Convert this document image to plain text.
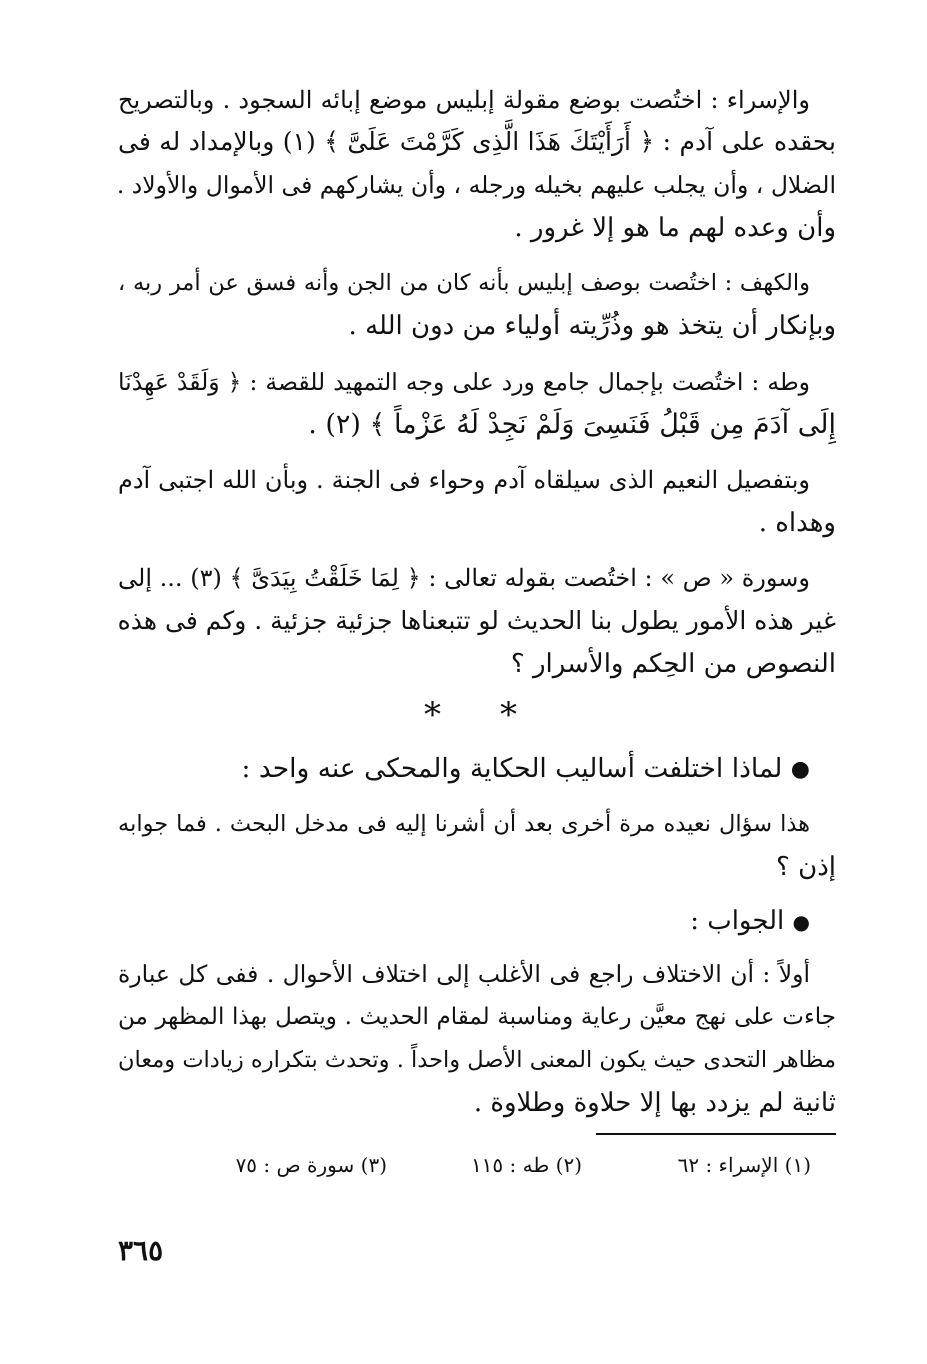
والإسراء : اختُصت بوضع مقولة إبليس موضع إبائه السجود . وبالتصريح
بحقده على آدم : ﴿ أَرَأَيْتَكَ هَذَا الَّذِى كَرَّمْتَ عَلَىَّ ﴾ (١) وبالإمداد له فى
الضلال ، وأن يجلب عليهم بخيله ورجله ، وأن يشاركهم فى الأموال والأولاد .
وأن وعده لهم ما هو إلا غرور .
والكهف : اختُصت بوصف إبليس بأنه كان من الجن وأنه فسق عن أمر ربه ،
وبإنكار أن يتخذ هو وذُرِّيته أولياء من دون الله .
وطه : اختُصت بإجمال جامع ورد على وجه التمهيد للقصة : ﴿ وَلَقَدْ عَهِدْنَا
إِلَى آدَمَ مِن قَبْلُ فَنَسِىَ وَلَمْ نَجِدْ لَهُ عَزْماً ﴾ (٢) .
وبتفصيل النعيم الذى سيلقاه آدم وحواء فى الجنة . وبأن الله اجتبى آدم
وهداه .
وسورة « ص » : اختُصت بقوله تعالى : ﴿ لِمَا خَلَقْتُ بِيَدَىَّ ﴾ (٣) ... إلى
غير هذه الأمور يطول بنا الحديث لو تتبعناها جزئية جزئية . وكم فى هذه
النصوص من الحِكم والأسرار ؟
* *
● لماذا اختلفت أساليب الحكاية والمحكى عنه واحد :
هذا سؤال نعيده مرة أخرى بعد أن أشرنا إليه فى مدخل البحث . فما جوابه
إذن ؟
● الجواب :
أولاً : أن الاختلاف راجع فى الأغلب إلى اختلاف الأحوال . ففى كل عبارة
جاءت على نهج معيَّن رعاية ومناسبة لمقام الحديث . ويتصل بهذا المظهر من
مظاهر التحدى حيث يكون المعنى الأصل واحداً . وتحدث بتكراره زيادات ومعان
ثانية لم يزدد بها إلا حلاوة وطلاوة .
(١) الإسراء : ٦٢
(٢) طه : ١١٥
(٣) سورة ص : ٧٥
٣٦٥
